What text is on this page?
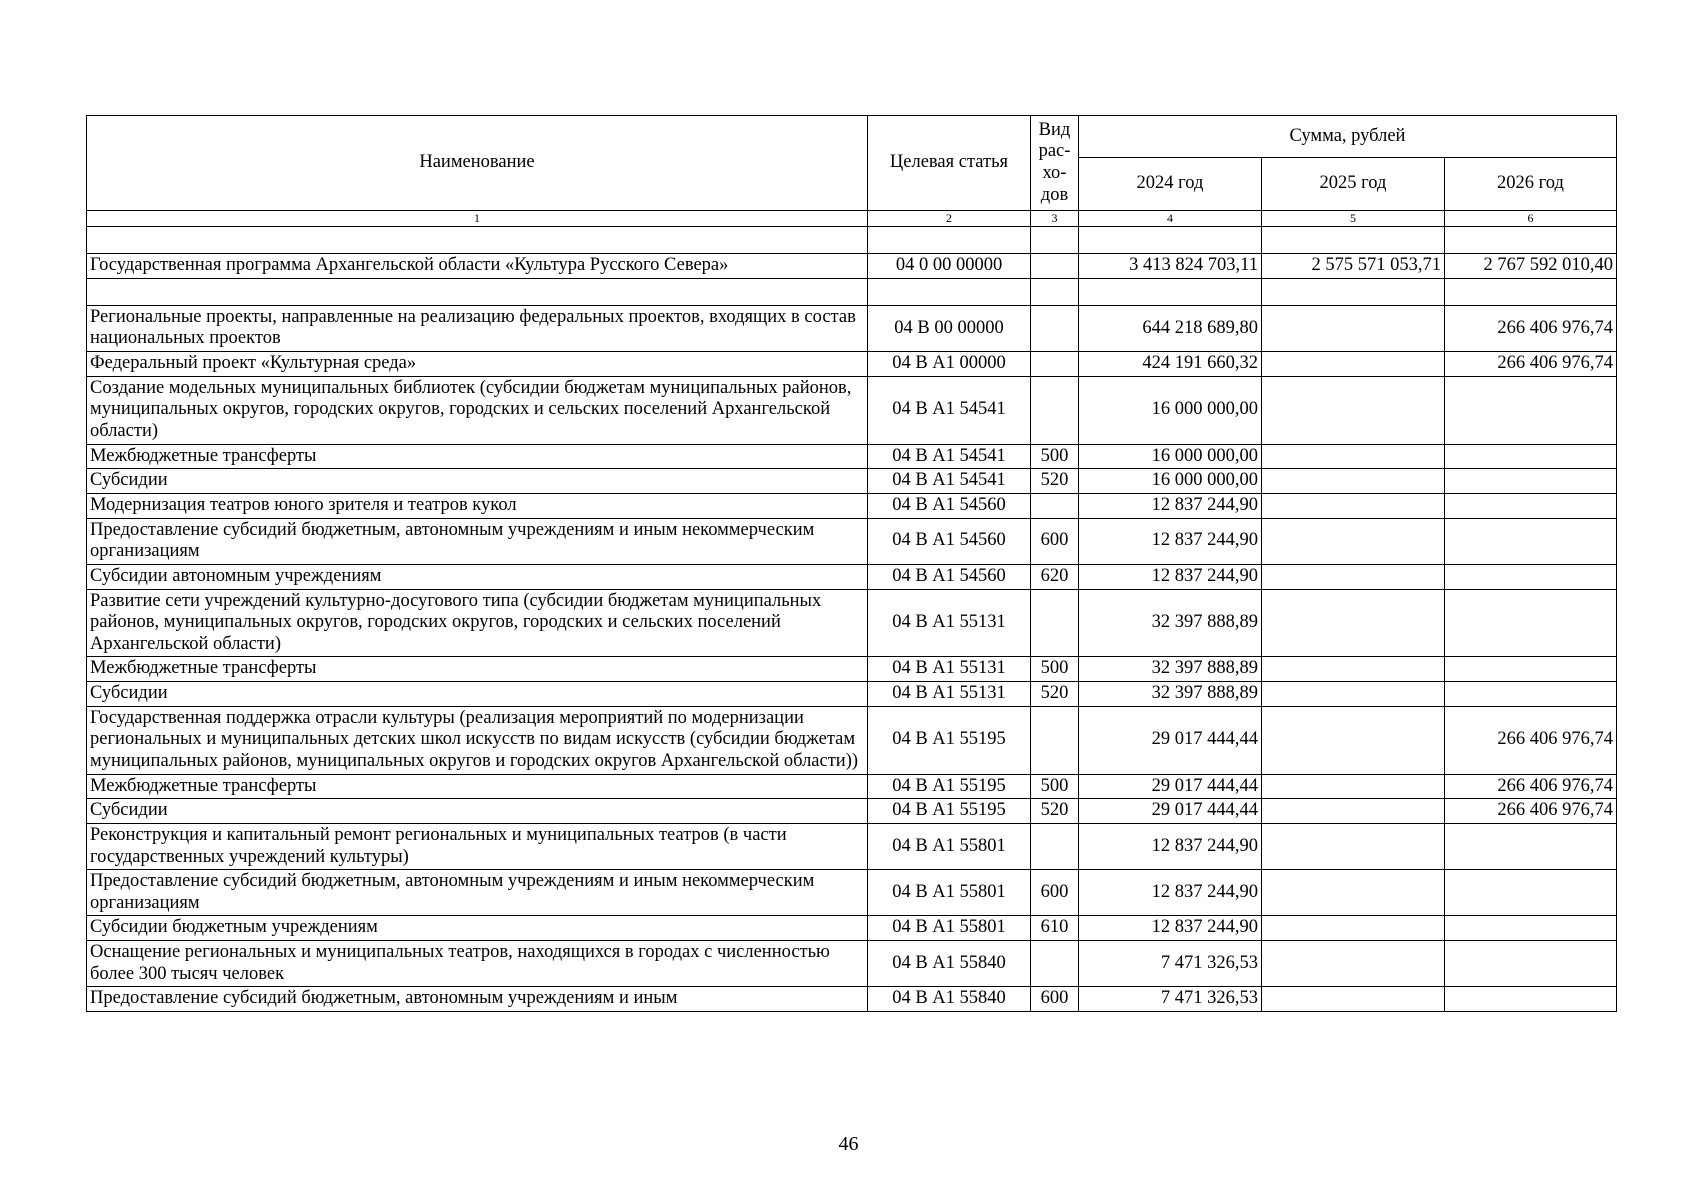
Наименование	Целевая статья	Вид рас-хо-дов	Сумма, рублей		
			2024 год	2025 год	2026 год
1	2	3	4	5	6

Государственная программа Архангельской области «Культура Русского Севера»	04 0 00 00000		3 413 824 703,11	2 575 571 053,71	2 767 592 010,40

Региональные проекты, направленные на реализацию федеральных проектов, входящих в состав национальных проектов	04 В 00 00000		644 218 689,80		266 406 976,74
Федеральный проект «Культурная среда»	04 В А1 00000		424 191 660,32		266 406 976,74
Создание модельных муниципальных библиотек (субсидии бюджетам муниципальных районов, муниципальных округов, городских округов, городских и сельских поселений Архангельской области)	04 В А1 54541		16 000 000,00		
Межбюджетные трансферты	04 В А1 54541	500	16 000 000,00		
Субсидии	04 В А1 54541	520	16 000 000,00		
Модернизация театров юного зрителя и театров кукол	04 В А1 54560		12 837 244,90		
Предоставление субсидий бюджетным, автономным учреждениям и иным некоммерческим организациям	04 В А1 54560	600	12 837 244,90		
Субсидии автономным учреждениям	04 В А1 54560	620	12 837 244,90		
Развитие сети учреждений культурно-досугового типа (субсидии бюджетам муниципальных районов, муниципальных округов, городских округов, городских и сельских поселений Архангельской области)	04 В А1 55131		32 397 888,89		
Межбюджетные трансферты	04 В А1 55131	500	32 397 888,89		
Субсидии	04 В А1 55131	520	32 397 888,89		
Государственная поддержка отрасли культуры (реализация мероприятий по модернизации региональных и муниципальных детских школ искусств по видам искусств (субсидии бюджетам муниципальных районов, муниципальных округов и городских округов Архангельской области))	04 В А1 55195		29 017 444,44		266 406 976,74
Межбюджетные трансферты	04 В А1 55195	500	29 017 444,44		266 406 976,74
Субсидии	04 В А1 55195	520	29 017 444,44		266 406 976,74
Реконструкция и капитальный ремонт региональных и муниципальных театров (в части государственных учреждений культуры)	04 В А1 55801		12 837 244,90		
Предоставление субсидий бюджетным, автономным учреждениям и иным некоммерческим организациям	04 В А1 55801	600	12 837 244,90		
Субсидии бюджетным учреждениям	04 В А1 55801	610	12 837 244,90		
Оснащение региональных и муниципальных театров, находящихся в городах с численностью более 300 тысяч человек	04 В А1 55840		7 471 326,53		
Предоставление субсидий бюджетным, автономным учреждениям и иным	04 В А1 55840	600	7 471 326,53		
46
